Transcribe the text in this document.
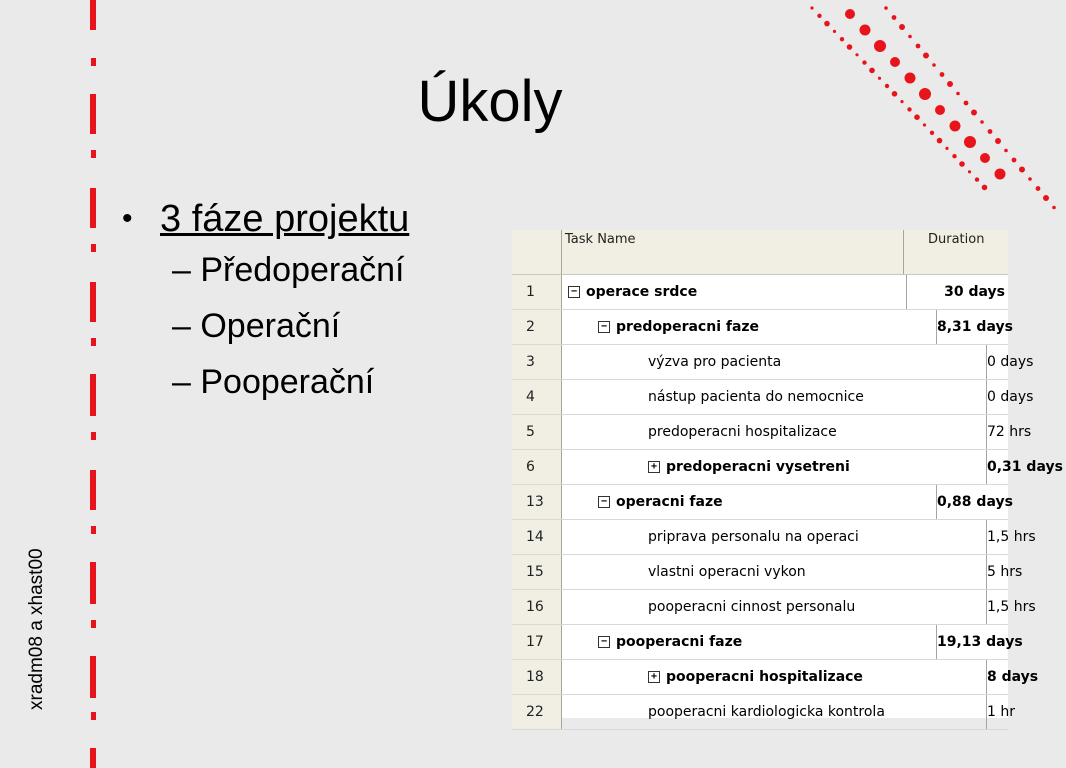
xradm08 a xhast00
Úkoly
• 3 fáze projektu
– Předoperační
– Operační
– Pooperační
Task Name	Duration
1	− operace srdce	30 days
2	− predoperacni faze	8,31 days
3	výzva pro pacienta	0 days
4	nástup pacienta do nemocnice	0 days
5	predoperacni hospitalizace	72 hrs
6	+ predoperacni vysetreni	0,31 days
13	− operacni faze	0,88 days
14	priprava personalu na operaci	1,5 hrs
15	vlastni operacni vykon	5 hrs
16	pooperacni cinnost personalu	1,5 hrs
17	− pooperacni faze	19,13 days
18	+ pooperacni hospitalizace	8 days
22	pooperacni kardiologicka kontrola	1 hr
